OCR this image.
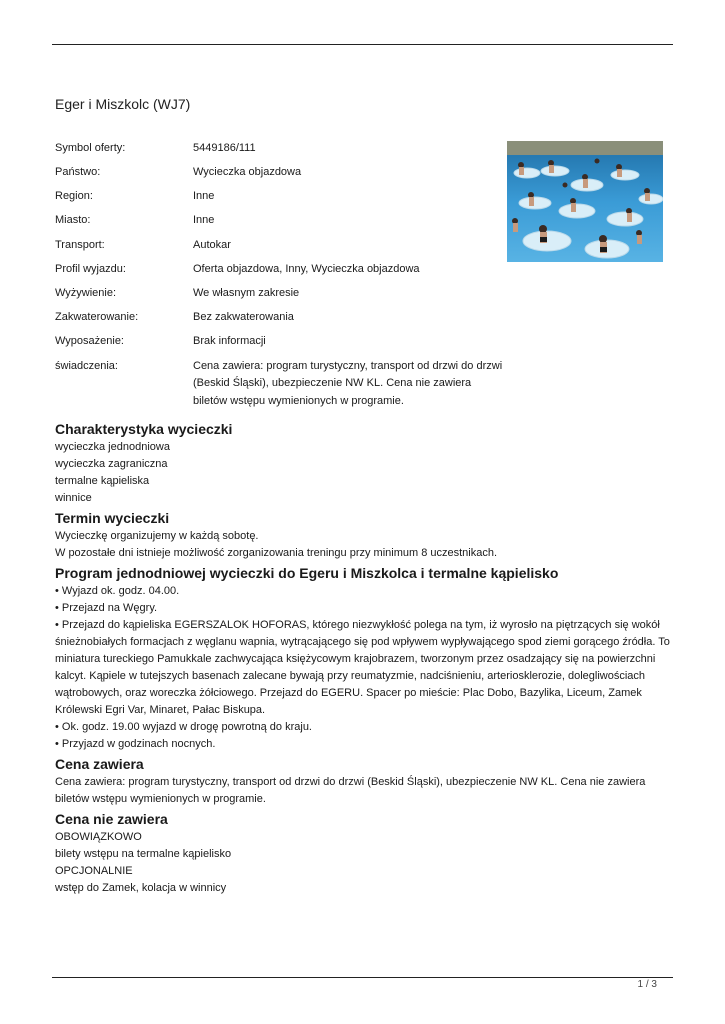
Eger i Miszkolc (WJ7)
Symbol oferty:	5449186/111
Państwo:	Wycieczka objazdowa
Region:	Inne
Miasto:	Inne
Transport:	Autokar
Profil wyjazdu:	Oferta objazdowa, Inny, Wycieczka objazdowa
Wyżywienie:	We własnym zakresie
Zakwaterowanie:	Bez zakwaterowania
Wyposażenie:	Brak informacji
świadczenia:	Cena zawiera: program turystyczny, transport od drzwi do drzwi (Beskid Śląski), ubezpieczenie NW KL. Cena nie zawiera biletów wstępu wymienionych w programie.
Charakterystyka wycieczki

wycieczka jednodniowa

wycieczka zagraniczna

termalne kąpieliska

winnice

Termin wycieczki

Wycieczkę organizujemy w każdą sobotę.

W pozostałe dni istnieje możliwość zorganizowania treningu przy minimum 8 uczestnikach.

Program jednodniowej wycieczki do Egeru i Miszkolca i termalne kąpielisko

• Wyjazd ok. godz. 04.00.

• Przejazd na Węgry.

• Przejazd do kąpieliska EGERSZALOK HOFORAS, którego niezwykłość polega na tym, iż wyrosło na piętrzących się wokół śnieżnobiałych formacjach z węglanu wapnia, wytrącającego się pod wpływem wypływającego spod ziemi gorącego źródła. To miniatura tureckiego Pamukkale zachwycająca księżycowym krajobrazem, tworzonym przez osadzający się na powierzchni kalcyt. Kąpiele w tutejszych basenach zalecane bywają przy reumatyzmie, nadciśnieniu, arteriosklerozie, dolegliwościach wątrobowych, oraz woreczka żółciowego. Przejazd do EGERU. Spacer po mieście: Plac Dobo, Bazylika, Liceum, Zamek Królewski Egri Var, Minaret, Pałac Biskupa.

• Ok. godz. 19.00 wyjazd w drogę powrotną do kraju.

• Przyjazd w godzinach nocnych.

Cena zawiera

Cena zawiera: program turystyczny, transport od drzwi do drzwi (Beskid Śląski), ubezpieczenie NW KL. Cena nie zawiera biletów wstępu wymienionych w programie.

Cena nie zawiera

OBOWIĄZKOWO

bilety wstępu na termalne kąpielisko

OPCJONALNIE

wstęp do Zamek, kolacja w winnicy

1 / 3
